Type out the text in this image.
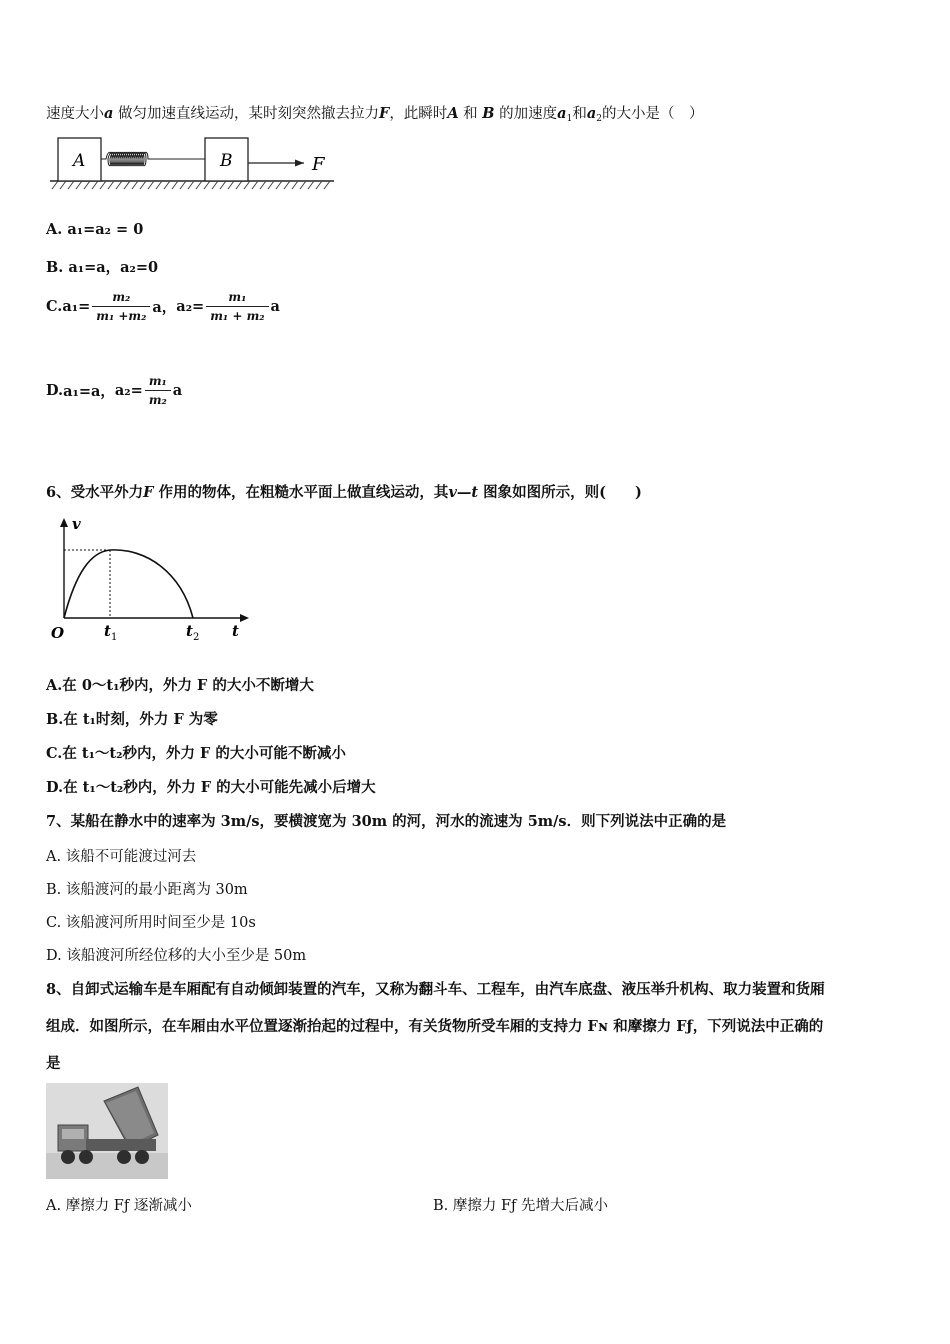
速度大小a 做匀加速直线运动，某时刻突然撤去拉力F，此瞬时A 和 B 的加速度$a_1$和$a_2$的大小是（　）
A	B	F
A. a₁=a₂ = 0
B. a₁=a，a₂=0
C. $a_1= \frac{\text{m₂}}{\text{m₁ +m₂}}$ a， $a_2= \frac{\text{m₁}}{\text{m₁ + m₂}}$ a
D. a₁=a， $a_2= \frac{\text{m₁}}{\text{m₂}}$ a
6、受水平外力F 作用的物体，在粗糙水平面上做直线运动，其v—t 图象如图所示，则(　　)
v
O	t 1	t 2 t
A.在 0～t₁秒内，外力 F 的大小不断增大
B.在 t₁时刻，外力 F 为零
C.在 t₁～t₂秒内，外力 F 的大小可能不断减小
D.在 t₁～t₂秒内，外力 F 的大小可能先减小后增大
7、某船在静水中的速率为 3m/s，要横渡宽为 30m 的河，河水的流速为 5m/s．则下列说法中正确的是
A. 该船不可能渡过河去
B. 该船渡河的最小距离为 30m
C. 该船渡河所用时间至少是 10s
D. 该船渡河所经位移的大小至少是 50m
8、自卸式运输车是车厢配有自动倾卸装置的汽车，又称为翻斗车、工程车，由汽车底盘、液压举升机构、取力装置和货厢
组成．如图所示，在车厢由水平位置逐渐抬起的过程中，有关货物所受车厢的支持力 Fɴ 和摩擦力 Fƒ，下列说法中正确的
是
A. 摩擦力 Fƒ 逐渐减小	B. 摩擦力 Fƒ 先增大后减小
